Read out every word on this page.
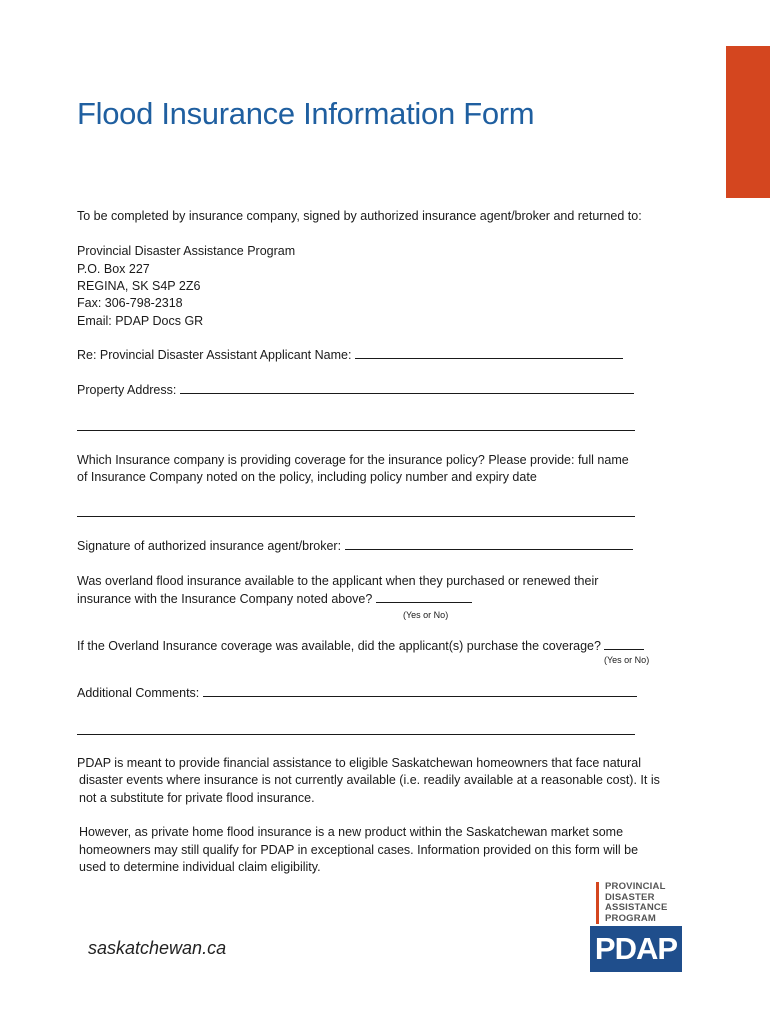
Flood Insurance Information Form
To be completed by insurance company, signed by authorized insurance agent/broker and returned to:
Provincial Disaster Assistance Program
P.O. Box 227
REGINA, SK S4P 2Z6
Fax: 306-798-2318
Email: PDAP Docs GR
Re: Provincial Disaster Assistant Applicant Name:
Property Address:
Which Insurance company is providing coverage for the insurance policy? Please provide: full name
of Insurance Company noted on the policy, including policy number and expiry date
Signature of authorized insurance agent/broker:
Was overland flood insurance available to the applicant when they purchased or renewed their
insurance with the Insurance Company noted above?
(Yes or No)
If the Overland Insurance coverage was available, did the applicant(s) purchase the coverage?
(Yes or No)
Additional Comments:
PDAP is meant to provide financial assistance to eligible Saskatchewan homeowners that face natural
disaster events where insurance is not currently available (i.e. readily available at a reasonable cost). It is
not a substitute for private flood insurance.
However, as private home flood insurance is a new product within the Saskatchewan market some
homeowners may still qualify for PDAP in exceptional cases. Information provided on this form will be
used to determine individual claim eligibility.
saskatchewan.ca
PROVINCIAL
DISASTER
ASSISTANCE
PROGRAM
PDAP
